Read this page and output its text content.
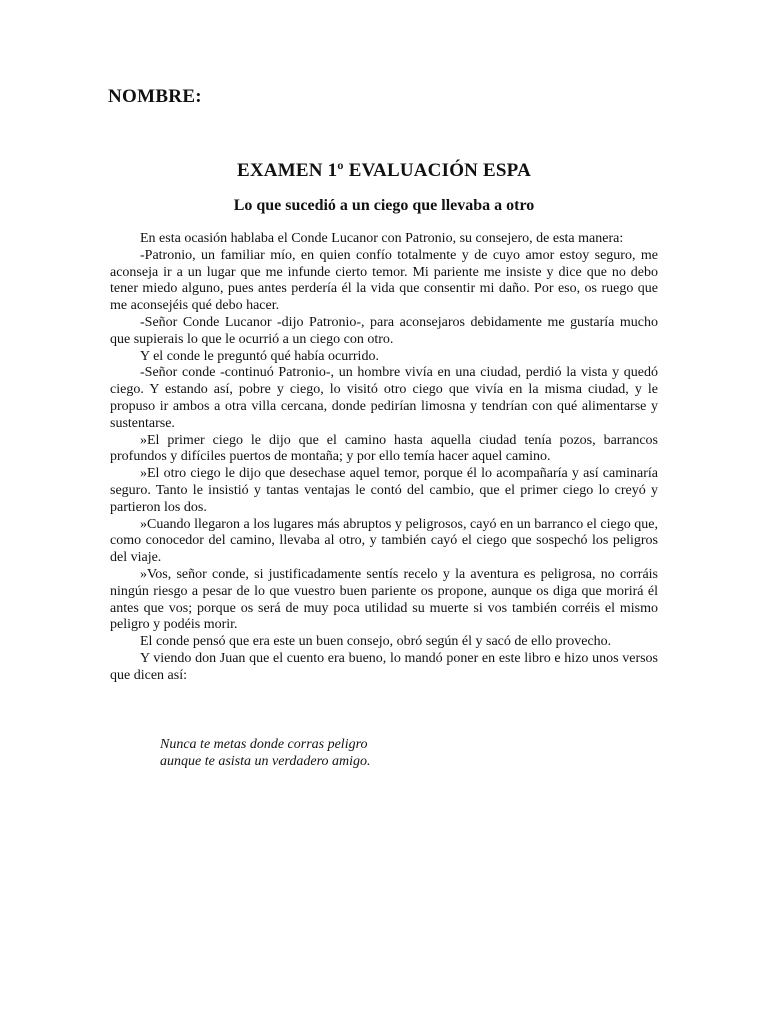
NOMBRE:
EXAMEN 1º EVALUACIÓN ESPA
Lo que sucedió a un ciego que llevaba a otro

En esta ocasión hablaba el Conde Lucanor con Patronio, su consejero, de esta manera:

-Patronio, un familiar mío, en quien confío totalmente y de cuyo amor estoy seguro, me aconseja ir a un lugar que me infunde cierto temor. Mi pariente me insiste y dice que no debo tener miedo alguno, pues antes perdería él la vida que consentir mi daño. Por eso, os ruego que me aconsejéis qué debo hacer.

-Señor Conde Lucanor -dijo Patronio-, para aconsejaros debidamente me gustaría mucho que supierais lo que le ocurrió a un ciego con otro.

Y el conde le preguntó qué había ocurrido.

-Señor conde -continuó Patronio-, un hombre vivía en una ciudad, perdió la vista y quedó ciego. Y estando así, pobre y ciego, lo visitó otro ciego que vivía en la misma ciudad, y le propuso ir ambos a otra villa cercana, donde pedirían limosna y tendrían con qué alimentarse y sustentarse.

»El primer ciego le dijo que el camino hasta aquella ciudad tenía pozos, barrancos profundos y difíciles puertos de montaña; y por ello temía hacer aquel camino.

»El otro ciego le dijo que desechase aquel temor, porque él lo acompañaría y así caminaría seguro. Tanto le insistió y tantas ventajas le contó del cambio, que el primer ciego lo creyó y partieron los dos.

»Cuando llegaron a los lugares más abruptos y peligrosos, cayó en un barranco el ciego que, como conocedor del camino, llevaba al otro, y también cayó el ciego que sospechó los peligros del viaje.

»Vos, señor conde, si justificadamente sentís recelo y la aventura es peligrosa, no corráis ningún riesgo a pesar de lo que vuestro buen pariente os propone, aunque os diga que morirá él antes que vos; porque os será de muy poca utilidad su muerte si vos también corréis el mismo peligro y podéis morir.

El conde pensó que era este un buen consejo, obró según él y sacó de ello provecho.

Y viendo don Juan que el cuento era bueno, lo mandó poner en este libro e hizo unos versos que dicen así:

Nunca te metas donde corras peligro
aunque te asista un verdadero amigo.
